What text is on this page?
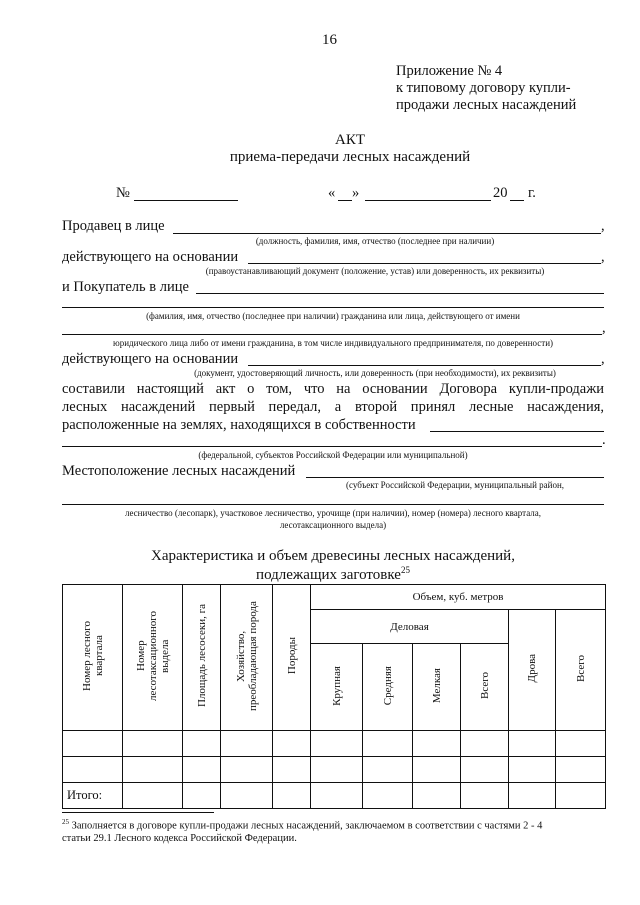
16
Приложение № 4
к типовому договору купли-
продажи лесных насаждений
АКТ
приема-передачи лесных насаждений
№	« »	20 г.
Продавец в лице	,
(должность, фамилия, имя, отчество (последнее при наличии)
действующего на основании	,
(правоустанавливающий документ (положение, устав) или доверенность, их реквизиты)
и Покупатель в лице
(фамилия, имя, отчество (последнее при наличии) гражданина или лица, действующего от имени
,
юридического лица либо от имени гражданина, в том числе индивидуального предпринимателя, по доверенности)
действующего на основании	,
(документ, удостоверяющий личность, или доверенность (при необходимости), их реквизиты)
составили настоящий акт о том, что на основании Договора купли-продажи
лесных насаждений первый передал, а второй принял лесные насаждения,
расположенные на землях, находящихся в собственности
.
(федеральной, субъектов Российской Федерации или муниципальной)
Местоположение лесных насаждений
(субъект Российской Федерации, муниципальный район,
лесничество (лесопарк), участковое лесничество, урочище (при наличии), номер (номера) лесного квартала,
лесотаксационного выдела)
Характеристика и объем древесины лесных насаждений,
подлежащих заготовке$^{25}$
Номер лесного квартала	Номер лесотаксационного выдела	Площадь лесосеки, га	Хозяйство, преобладающая порода	Породы	Объем, куб. метров					
					Деловая				Дрова	Всего
					Крупная	Средняя	Мелкая	Всего		

Итого:										
$^{25}$ Заполняется в договоре купли-продажи лесных насаждений, заключаемом в соответствии с частями 2 - 4
статьи 29.1 Лесного кодекса Российской Федерации.
